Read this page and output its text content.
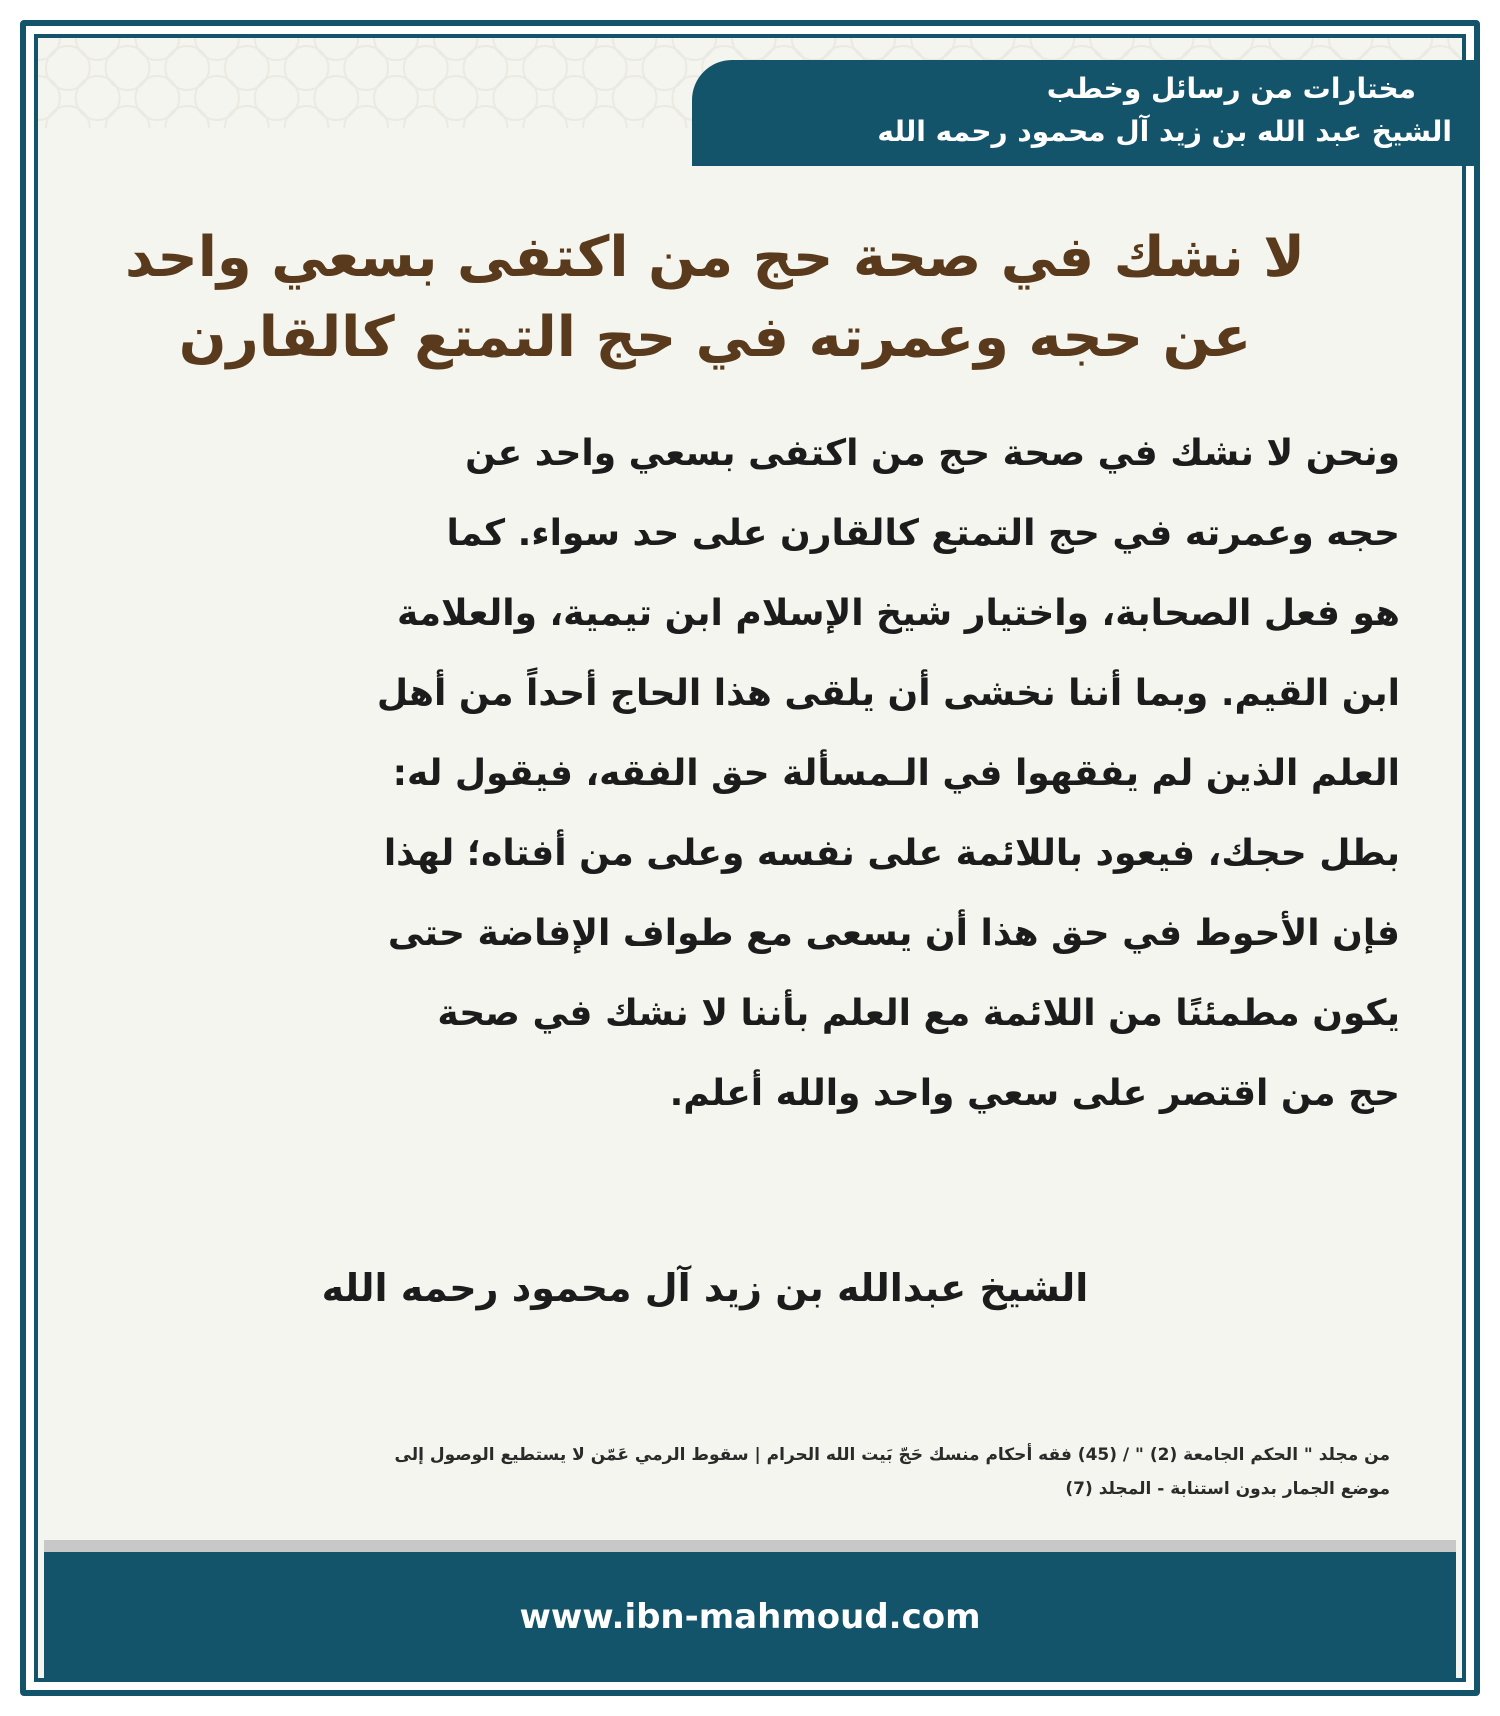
مختارات من رسائل وخطب
الشيخ عبد الله بن زيد آل محمود رحمه الله
لا نشك في صحة حج من اكتفى بسعي واحد
عن حجه وعمرته في حج التمتع كالقارن
ونحن لا نشك في صحة حج من اكتفى بسعي واحد عن
حجه وعمرته في حج التمتع كالقارن على حد سواء. كما
هو فعل الصحابة، واختيار شيخ الإسلام ابن تيمية، والعلامة
ابن القيم. وبما أننا نخشى أن يلقى هذا الحاج أحداً من أهل
العلم الذين لم يفقهوا في الـمسألة حق الفقه، فيقول له:
بطل حجك، فيعود باللائمة على نفسه وعلى من أفتاه؛ لهذا
فإن الأحوط في حق هذا أن يسعى مع طواف الإفاضة حتى
يكون مطمئنًا من اللائمة مع العلم بأننا لا نشك في صحة
حج من اقتصر على سعي واحد والله أعلم.
الشيخ عبدالله بن زيد آل محمود رحمه الله
من مجلد " الحكم الجامعة (2) " / (45) فقه أحكام منسك حَجّ بَيت الله الحرام | سقوط الرمي عَمّن لا يستطيع الوصول إلى
موضع الجمار بدون استنابة - المجلد (7)
www.ibn-mahmoud.com
